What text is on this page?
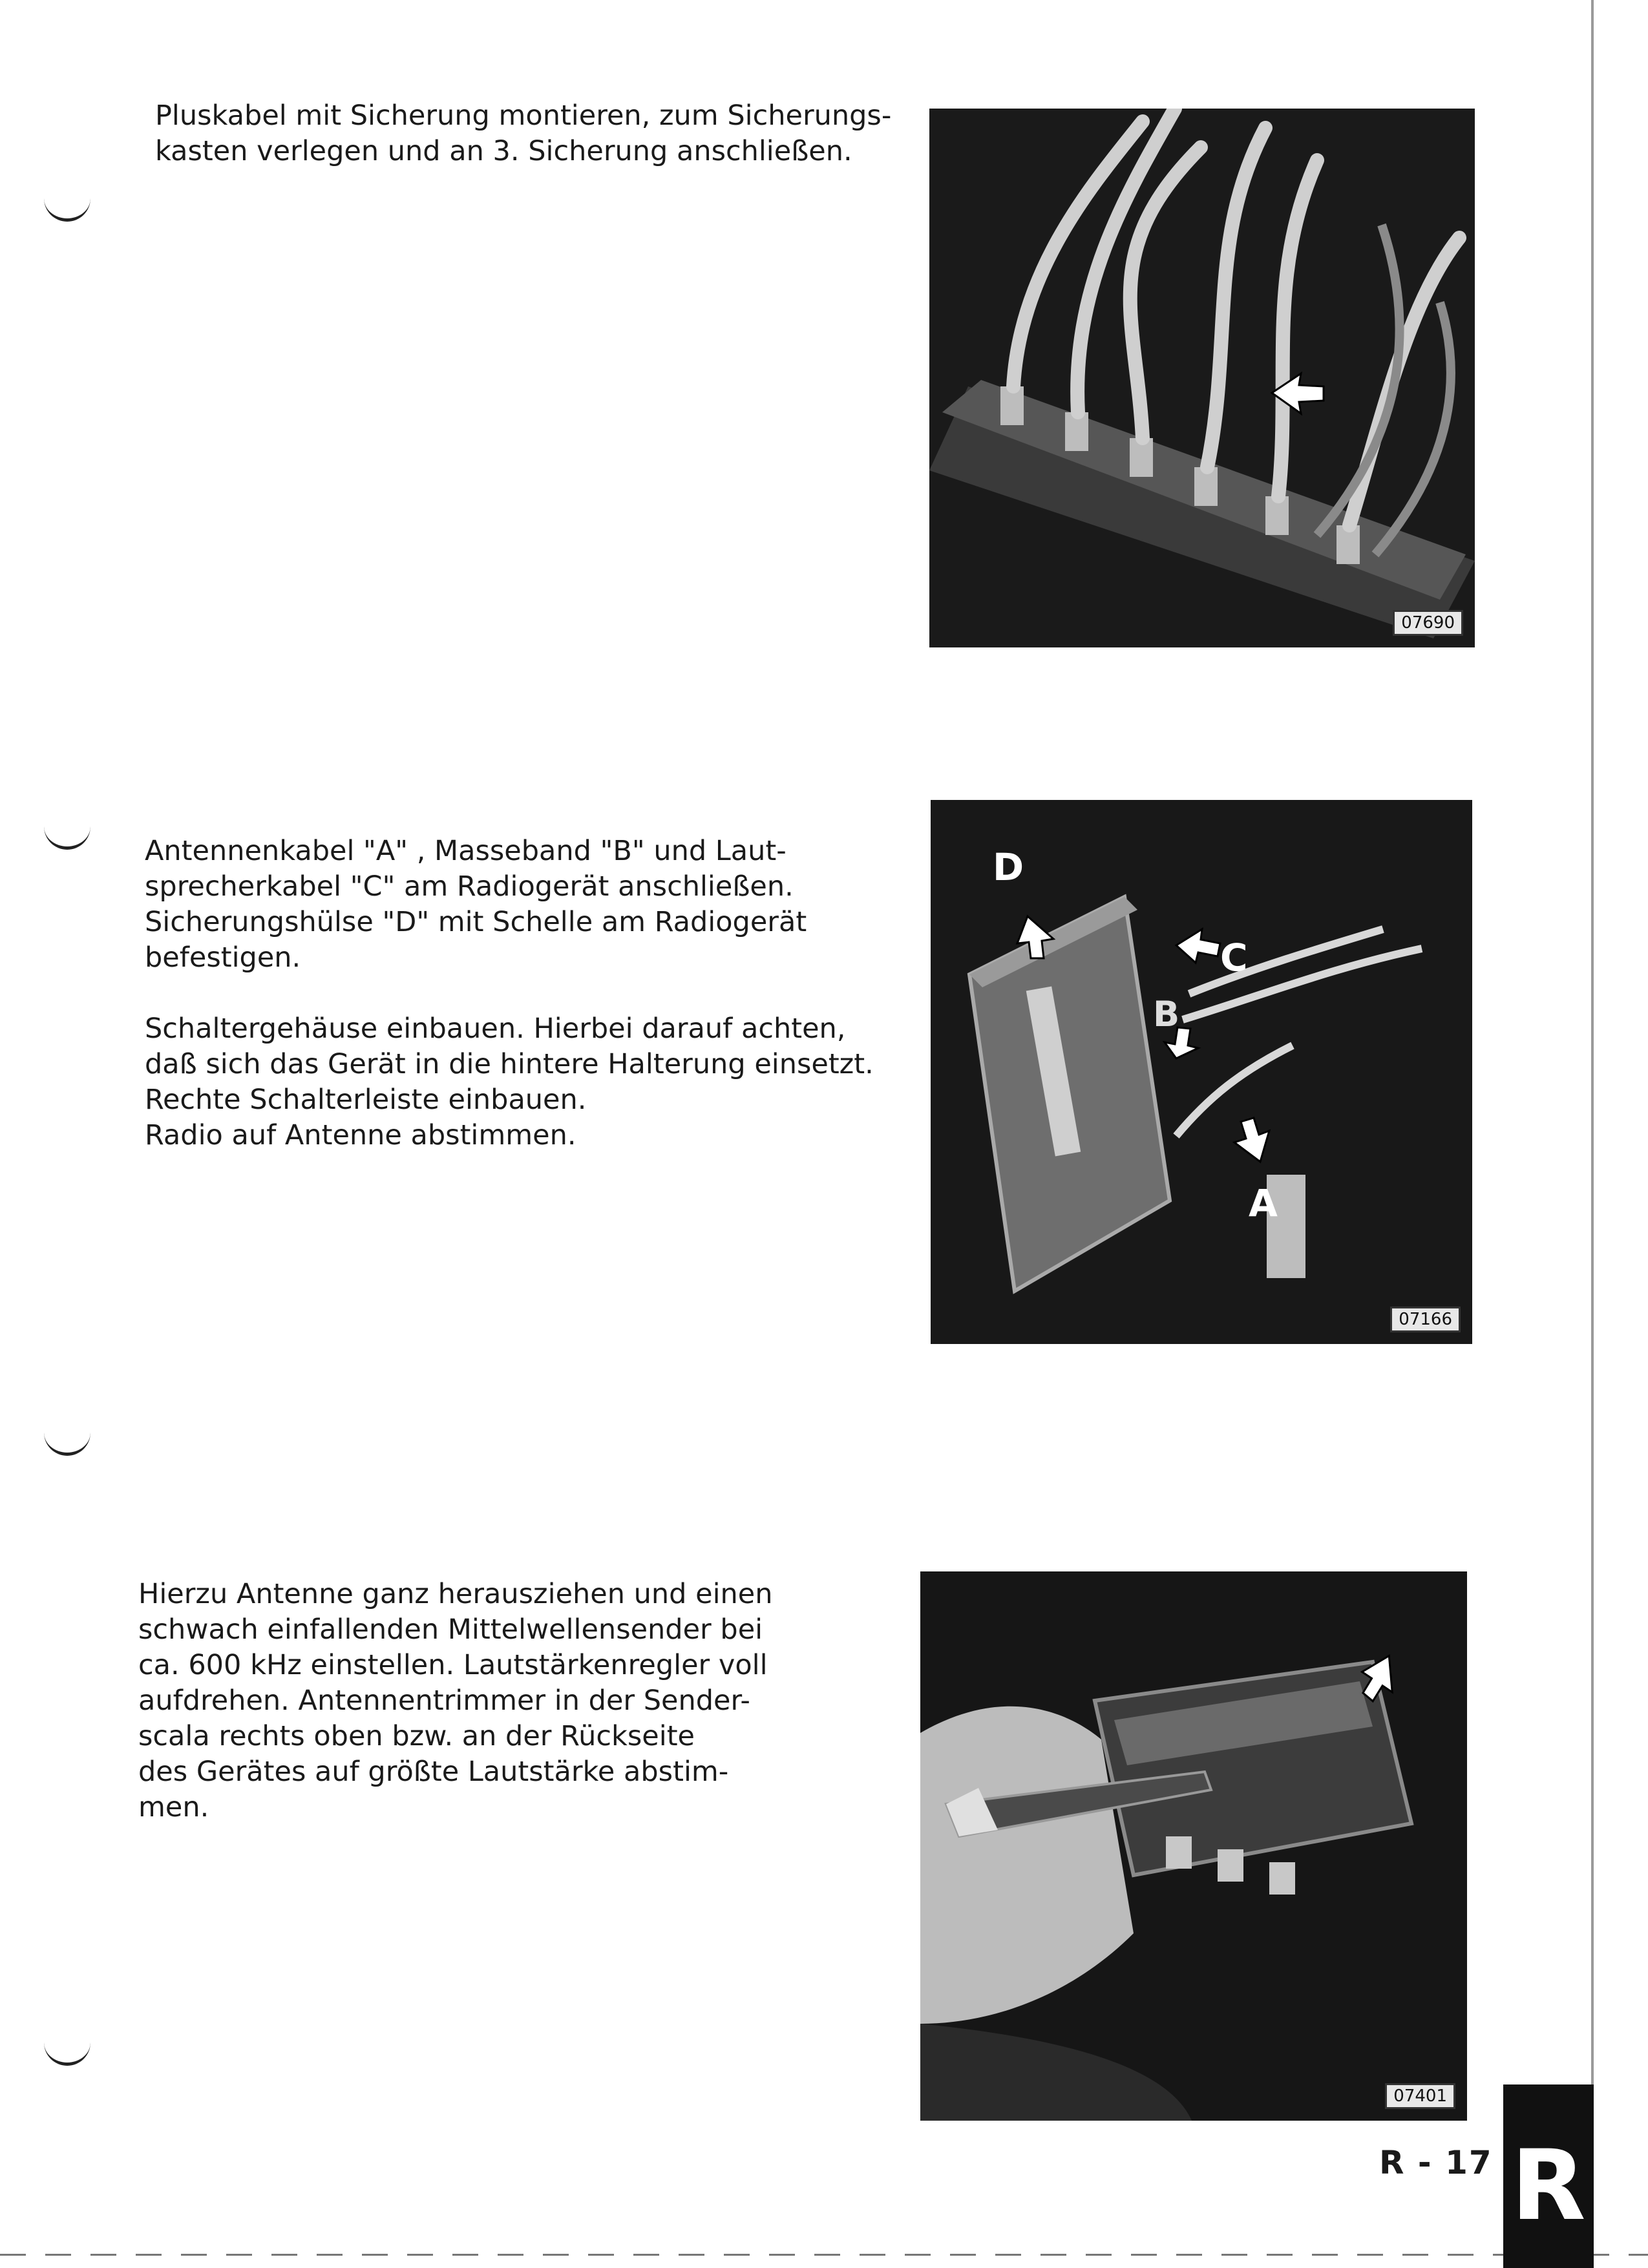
Pluskabel mit Sicherung montieren, zum Sicherungs-
kasten verlegen und an 3. Sicherung anschließen.

07690

Antennenkabel "A" , Masseband "B" und Laut-
sprecherkabel "C" am Radiogerät anschließen.
Sicherungshülse "D" mit Schelle am Radiogerät
befestigen.

Schaltergehäuse einbauen. Hierbei darauf achten,
daß sich das Gerät in die hintere Halterung einsetzt.
Rechte Schalterleiste einbauen.
Radio auf Antenne abstimmen.

D
C
B
A
07166

Hierzu Antenne ganz herausziehen und einen
schwach einfallenden Mittelwellensender bei
ca. 600 kHz einstellen. Lautstärkenregler voll
aufdrehen. Antennentrimmer in der Sender-
scala rechts oben bzw. an der Rückseite
des Gerätes auf größte Lautstärke abstim-
men.

07401
R - 17 R
